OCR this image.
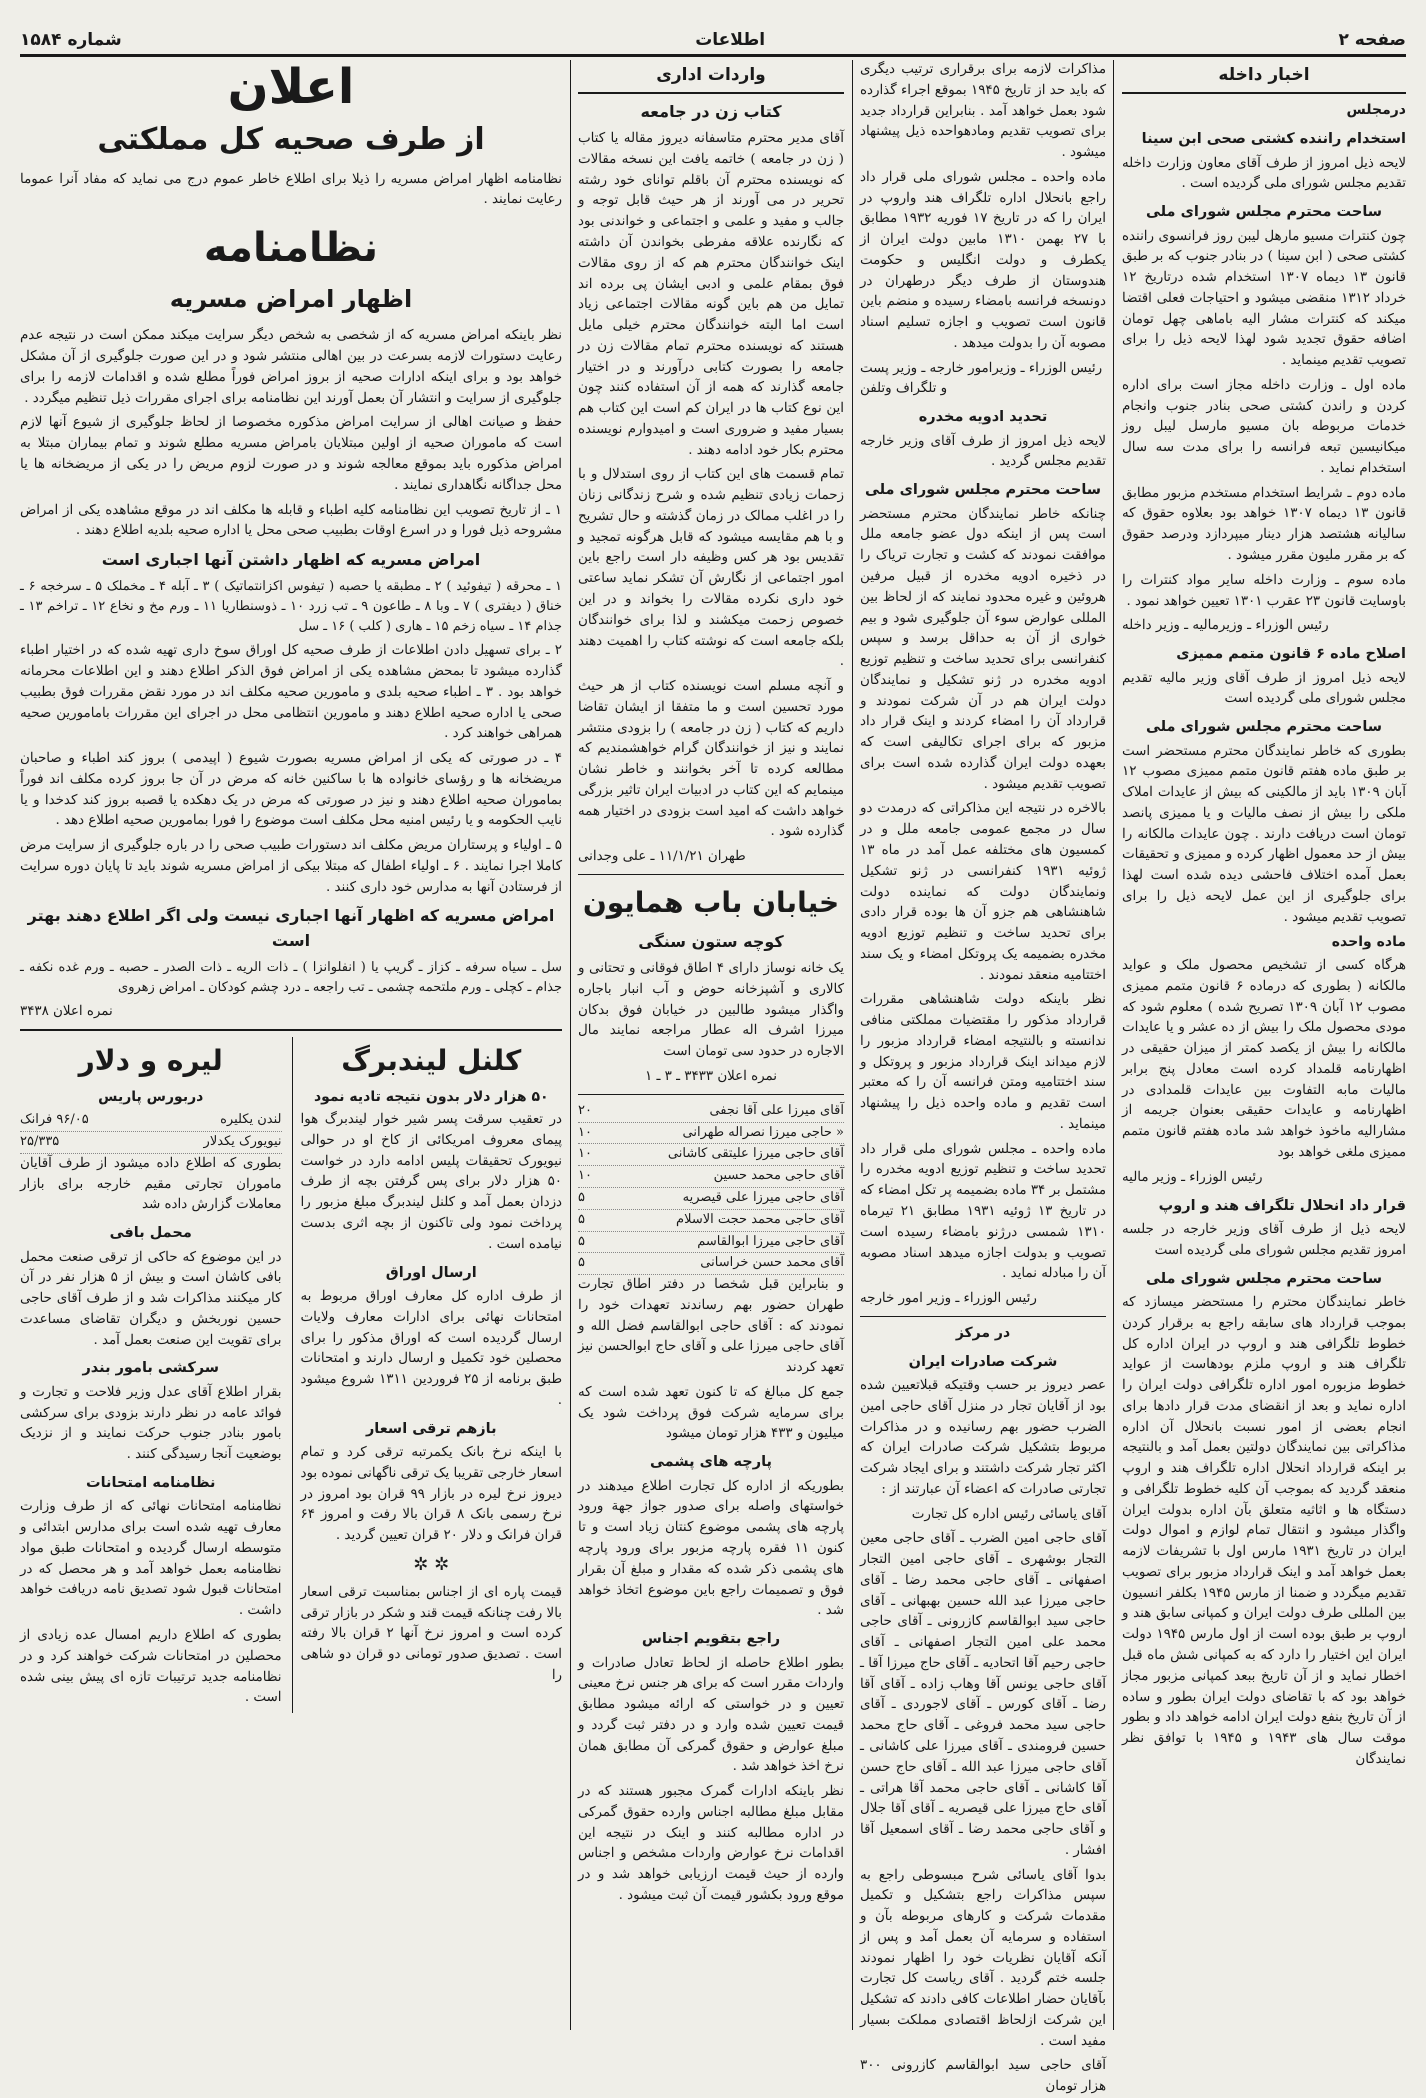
صفحه ۲
اطلاعات
شماره ۱۵۸۴
اخبار داخله
درمجلس
استخدام راننده کشتی صحی ابن سینا

لایحه ذیل امروز از طرف آقای معاون وزارت داخله تقدیم مجلس شورای ملی گردیده است .

ساحت محترم مجلس شورای ملی

چون کنترات مسیو مارهل لیبن روز فرانسوی راننده کشتی صحی ( ابن سینا ) در بنادر جنوب که بر طبق قانون ۱۳ دیماه ۱۳۰۷ استخدام شده درتاریخ ۱۲ خرداد ۱۳۱۲ منقضی میشود و احتیاجات فعلی اقتضا میکند که کنترات مشار الیه باماهی چهل تومان اضافه حقوق تجدید شود لهذا لایحه ذیل را برای تصویب تقدیم مینماید .

ماده اول ـ وزارت داخله مجاز است برای اداره کردن و راندن کشتی صحی بنادر جنوب وانجام خدمات مربوطه بان مسیو مارسل لیبل روز میکانیسین تبعه فرانسه را برای مدت سه سال استخدام نماید .

ماده دوم ـ شرایط استخدام مستخدم مزبور مطابق قانون ۱۳ دیماه ۱۳۰۷ خواهد بود بعلاوه حقوق که سالیانه هشتصد هزار دینار میپردازد ودرصد حقوق که بر مقرر ملیون مقرر میشود .

ماده سوم ـ وزارت داخله سایر مواد کنترات را باوسایت قانون ۲۳ عقرب ۱۳۰۱ تعیین خواهد نمود .

رئیس الوزراء ـ وزیرمالیه ـ وزیر داخله

اصلاح ماده ۶ قانون متمم ممیزی

لایحه ذیل امروز از طرف آقای وزیر مالیه تقدیم مجلس شورای ملی گردیده است

ساحت محترم مجلس شورای ملی

بطوری که خاطر نمایندگان محترم مستحضر است بر طبق ماده هفتم قانون متمم ممیزی مصوب ۱۲ آبان ۱۳۰۹ باید از مالکینی که بیش از عایدات املاک ملکی را بیش از نصف مالیات و یا ممیزی پانصد تومان است دریافت دارند . چون عایدات مالکانه را بیش از حد معمول اظهار کرده و ممیزی و تحقیقات بعمل آمده اختلاف فاحشی دیده شده است لهذا برای جلوگیری از این عمل لایحه ذیل را برای تصویب تقدیم میشود .

ماده واحده

هرگاه کسی از تشخیص محصول ملک و عواید مالکانه ( بطوری که درماده ۶ قانون متمم ممیزی مصوب ۱۲ آبان ۱۳۰۹ تصریح شده ) معلوم شود که مودی محصول ملک را بیش از ده عشر و یا عایدات مالکانه را بیش از یکصد کمتر از میزان حقیقی در اظهارنامه قلمداد کرده است معادل پنج برابر مالیات مابه التفاوت بین عایدات قلمدادی در اظهارنامه و عایدات حقیقی بعنوان جریمه از مشارالیه ماخوذ خواهد شد ماده هفتم قانون متمم ممیزی ملغی خواهد بود

رئیس الوزراء ـ وزیر مالیه

قرار داد انحلال تلگراف هند و اروپ

لایحه ذیل از طرف آقای وزیر خارجه در جلسه امروز تقدیم مجلس شورای ملی گردیده است

ساحت محترم مجلس شورای ملی

خاطر نمایندگان محترم را مستحضر میسازد که بموجب قرارداد های سابقه راجع به برقرار کردن خطوط تلگرافی هند و اروپ در ایران اداره کل تلگراف هند و اروپ ملزم بودهاست از عواید خطوط مزبوره امور اداره تلگرافی دولت ایران را اداره نماید و بعد از انقضای مدت قرار دادها برای انجام بعضی از امور نسبت بانحلال آن اداره مذاکراتی بین نمایندگان دولتین بعمل آمد و بالنتیجه بر اینکه قرارداد انحلال اداره تلگراف هند و اروپ منعقد گردید که بموجب آن کلیه خطوط تلگرافی و دستگاه ها و اثاثیه متعلق بآن اداره بدولت ایران واگذار میشود و انتقال تمام لوازم و اموال دولت ایران در تاریخ ۱۹۳۱ مارس اول با تشریفات لازمه بعمل خواهد آمد و اینک قرارداد مزبور برای تصویب تقدیم میگردد و ضمنا از مارس ۱۹۴۵ بکلفر انسیون بین المللی طرف دولت ایران و کمپانی سابق هند و اروپ بر طبق بوده است از اول مارس ۱۹۴۵ دولت ایران این اختیار را دارد که به کمپانی شش ماه قبل اخطار نماید و از آن تاریخ ببعد کمپانی مزبور مجاز خواهد بود که با تقاضای دولت ایران بطور و ساده از آن تاریخ بنفع دولت ایران ادامه خواهد داد و بطور موقت سال های ۱۹۴۳ و ۱۹۴۵ با توافق نظر نمایندگان

مذاکرات لازمه برای برقراری ترتیب دیگری که باید حد از تاریخ ۱۹۴۵ بموقع اجراء گذارده شود بعمل خواهد آمد . بنابراین قرارداد جدید برای تصویب تقدیم ومادهواحده ذیل پیشنهاد میشود .

ماده واحده ـ مجلس شورای ملی قرار داد راجع بانحلال اداره تلگراف هند واروپ در ایران را که در تاریخ ۱۷ فوریه ۱۹۳۲ مطابق با ۲۷ بهمن ۱۳۱۰ مابین دولت ایران از یکطرف و دولت انگلیس و حکومت هندوستان از طرف دیگر درطهران در دونسخه فرانسه بامضاء رسیده و منضم باین قانون است تصویب و اجازه تسلیم اسناد مصوبه آن را بدولت میدهد .

رئیس الوزراء ـ وزیرامور خارجه ـ وزیر پست و تلگراف وتلفن

تحدید ادویه مخدره

لایحه ذیل امروز از طرف آقای وزیر خارجه تقدیم مجلس گردید .

ساحت محترم مجلس شورای ملی

چنانکه خاطر نمایندگان محترم مستحضر است پس از اینکه دول عضو جامعه ملل موافقت نمودند که کشت و تجارت تریاک را در ذخیره ادویه مخدره از قبیل مرفین هروئین و غیره محدود نمایند که از لحاظ بین المللی عوارض سوء آن جلوگیری شود و بیم خواری از آن به حداقل برسد و سپس کنفرانسی برای تحدید ساخت و تنظیم توزیع ادویه مخدره در ژنو تشکیل و نمایندگان دولت ایران هم در آن شرکت نمودند و قرارداد آن را امضاء کردند و اینک قرار داد مزبور که برای اجرای تکالیفی است که بعهده دولت ایران گذارده شده است برای تصویب تقدیم میشود .

بالاخره در نتیجه این مذاکراتی که درمدت دو سال در مجمع عمومی جامعه ملل و در کمسیون های مختلفه عمل آمد در ماه ۱۳ ژوئیه ۱۹۳۱ کنفرانسی در ژنو تشکیل ونمایندگان دولت که نماینده دولت شاهنشاهی هم جزو آن ها بوده قرار دادی برای تحدید ساخت و تنظیم توزیع ادویه مخدره بضمیمه یک پروتکل امضاء و یک سند اختتامیه منعقد نمودند .

نظر باینکه دولت شاهنشاهی مقررات قرارداد مذکور را مقتضیات مملکتی منافی ندانسته و بالنتیجه امضاء قرارداد مزبور را لازم میداند اینک قرارداد مزبور و پروتکل و سند اختتامیه ومتن فرانسه آن را که معتبر است تقدیم و ماده واحده ذیل را پیشنهاد مینماید .

ماده واحده ـ مجلس شورای ملی قرار داد تحدید ساخت و تنظیم توزیع ادویه مخدره را مشتمل بر ۳۴ ماده بضمیمه پر تکل امضاء که در تاریخ ۱۳ ژوئیه ۱۹۳۱ مطابق ۲۱ تیرماه ۱۳۱۰ شمسی درژنو بامضاء رسیده است تصویب و بدولت اجازه میدهد اسناد مصوبه آن را مبادله نماید .

رئیس الوزراء ـ وزیر امور خارجه

در مرکز
شرکت صادرات ایران

عصر دیروز بر حسب وقتیکه قبلاتعیین شده بود از آقایان تجار در منزل آقای حاجی امین الضرب حضور بهم رسانیده و در مذاکرات مربوط بتشکیل شرکت صادرات ایران که اکثر تجار شرکت داشتند و برای ایجاد شرکت تجارتی صادرات که اعضاء آن عبارتند از :

آقای یاسائی رئیس اداره کل تجارت

آقای حاجی امین الضرب ـ آقای حاجی معین التجار بوشهری ـ آقای حاجی امین التجار اصفهانی ـ آقای حاجی محمد رضا ـ آقای حاجی میرزا عبد الله حسین بهبهانی ـ آقای حاجی سید ابوالقاسم کازرونی ـ آقای حاجی محمد علی امین التجار اصفهانی ـ آقای حاجی رحیم آقا اتحادیه ـ آقای حاج میرزا آقا ـ آقای حاجی یونس آقا وهاب زاده ـ آقای آقا رضا ـ آقای کورس ـ آقای لاجوردی ـ آقای حاجی سید محمد فروغی ـ آقای حاج محمد حسین فرومندی ـ آقای میرزا علی کاشانی ـ آقای حاجی میرزا عبد الله ـ آقای حاج حسن آقا کاشانی ـ آقای حاجی محمد آقا هراتی ـ آقای حاج میرزا علی قیصریه ـ آقای آقا جلال و آقای حاجی محمد رضا ـ آقای اسمعیل آقا افشار .

بدوا آقای یاسائی شرح مبسوطی راجع به سپس مذاکرات راجع بتشکیل و تکمیل مقدمات شرکت و کارهای مربوطه بآن و استفاده و سرمایه آن بعمل آمد و پس از آنکه آقایان نظریات خود را اظهار نمودند جلسه ختم گردید . آقای ریاست کل تجارت بآقایان حضار اطلاعات کافی دادند که تشکیل این شرکت ازلحاظ اقتصادی مملکت بسیار مفید است .

آقای حاجی سید ابوالقاسم کازرونی ۳۰۰ هزار تومان

واردات اداری
کتاب زن در جامعه

آقای مدیر محترم متاسفانه دیروز مقاله یا کتاب ( زن در جامعه ) خاتمه یافت این نسخه مقالات که نویسنده محترم آن باقلم توانای خود رشته تحریر در می آورند از هر حیث قابل توجه و جالب و مفید و علمی و اجتماعی و خواندنی بود که نگارنده علاقه مفرطی بخواندن آن داشته اینک خوانندگان محترم هم که از روی مقالات فوق بمقام علمی و ادبی ایشان پی برده اند تمایل من هم باین گونه مقالات اجتماعی زیاد است اما البته خوانندگان محترم خیلی مایل هستند که نویسنده محترم تمام مقالات زن در جامعه را بصورت کتابی درآورند و در اختیار جامعه گذارند که همه از آن استفاده کنند چون این نوع کتاب ها در ایران کم است این کتاب هم بسیار مفید و ضروری است و امیدوارم نویسنده محترم بکار خود ادامه دهند .

تمام قسمت های این کتاب از روی استدلال و با زحمات زیادی تنظیم شده و شرح زندگانی زنان را در اغلب ممالک در زمان گذشته و حال تشریح و با هم مقایسه میشود که قابل هرگونه تمجید و تقدیس بود هر کس وظیفه دار است راجع باین امور اجتماعی از نگارش آن تشکر نماید ساعتی خود داری نکرده مقالات را بخواند و در این خصوص زحمت میکشند و لذا برای خوانندگان بلکه جامعه است که نوشته کتاب را اهمیت دهند .

و آنچه مسلم است نویسنده کتاب از هر حیث مورد تحسین است و ما متفقا از ایشان تقاضا داریم که کتاب ( زن در جامعه ) را بزودی منتشر نمایند و نیز از خوانندگان گرام خواهشمندیم که مطالعه کرده تا آخر بخوانند و خاطر نشان مینمایم که این کتاب در ادبیات ایران تاثیر بزرگی خواهد داشت که امید است بزودی در اختیار همه گذارده شود .

طهران ۱۱/۱/۲۱ ـ علی وجدانی

خیابان باب همایون
کوچه ستون سنگی

یک خانه نوساز دارای ۴ اطاق فوقانی و تحتانی و کالاری و آشپزخانه حوض و آب انبار باجاره واگذار میشود طالبین در خیابان فوق بدکان میرزا اشرف اله عطار مراجعه نمایند مال الاجاره در حدود سی تومان است

نمره اعلان ۳۴۳۳ ـ ۳ ـ ۱

آقای میرزا علی آقا نجفی
۲۰
« حاجی میرزا نصراله طهرانی
۱۰
آقای حاجی میرزا علیتقی کاشانی
۱۰
آقای حاجی محمد حسین
۱۰
آقای حاجی میرزا علی قیصریه
۵
آقای حاجی محمد حجت الاسلام
۵
آقای حاجی میرزا ابوالقاسم
۵
آقای محمد حسن خراسانی
۵

و بنابراین قبل شخصا در دفتر اطاق تجارت طهران حضور بهم رساندند تعهدات خود را نمودند که : آقای حاجی ابوالقاسم فضل الله و آقای حاجی میرزا علی و آقای حاج ابوالحسن نیز تعهد کردند

جمع کل مبالغ که تا کنون تعهد شده است که برای سرمایه شرکت فوق پرداخت شود یک میلیون و ۴۳۳ هزار تومان میشود

پارچه های پشمی

بطوریکه از اداره کل تجارت اطلاع میدهند در خواستهای واصله برای صدور جواز جهة ورود پارچه های پشمی موضوع کنتان زیاد است و تا کنون ۱۱ فقره پارچه مزبور برای ورود پارچه های پشمی ذکر شده که مقدار و مبلغ آن بقرار فوق و تصمیمات راجع باین موضوع اتخاذ خواهد شد .

راجع بتقویم اجناس

بطور اطلاع حاصله از لحاظ تعادل صادرات و واردات مقرر است که برای هر جنس نرخ معینی تعیین و در خواستی که ارائه میشود مطابق قیمت تعیین شده وارد و در دفتر ثبت گردد و مبلغ عوارض و حقوق گمرکی آن مطابق همان نرخ اخذ خواهد شد .

نظر باینکه ادارات گمرک مجبور هستند که در مقابل مبلغ مطالبه اجناس وارده حقوق گمرکی در اداره مطالبه کنند و اینک در نتیجه این اقدامات نرخ عوارض واردات مشخص و اجناس وارده از حیث قیمت ارزیابی خواهد شد و در موقع ورود بکشور قیمت آن ثبت میشود .

اعلان
از طرف صحیه کل مملکتی

نظامنامه اظهار امراض مسریه را ذیلا برای اطلاع خاطر عموم درج می نماید که مفاد آنرا عموما رعایت نمایند .

نظامنامه
اظهار امراض مسریه

نظر باینکه امراض مسریه که از شخصی به شخص دیگر سرایت میکند ممکن است در نتیجه عدم رعایت دستورات لازمه بسرعت در بین اهالی منتشر شود و در این صورت جلوگیری از آن مشکل خواهد بود و برای اینکه ادارات صحیه از بروز امراض فوراً مطلع شده و اقدامات لازمه را برای جلوگیری از سرایت و انتشار آن بعمل آورند این نظامنامه برای اجرای مقررات ذیل تنظیم میگردد .

حفظ و صیانت اهالی از سرایت امراض مذکوره مخصوصا از لحاظ جلوگیری از شیوع آنها لازم است که ماموران صحیه از اولین مبتلایان بامراض مسریه مطلع شوند و تمام بیماران مبتلا به امراض مذکوره باید بموقع معالجه شوند و در صورت لزوم مریض را در یکی از مریضخانه ها یا محل جداگانه نگاهداری نمایند .

۱ ـ از تاریخ تصویب این نظامنامه کلیه اطباء و قابله ها مکلف اند در موقع مشاهده یکی از امراض مشروحه ذیل فورا و در اسرع اوقات بطبیب صحی محل یا اداره صحیه بلدیه اطلاع دهند .

امراض مسریه که اظهار داشتن آنها اجباری است

۱ ـ محرقه ( تیفوئید ) ۲ ـ مطبقه یا حصبه ( تیفوس اکزانتماتیک ) ۳ ـ آبله ۴ ـ مخملک ۵ ـ سرخجه ۶ ـ خناق ( دیفتری ) ۷ ـ وبا ۸ ـ طاعون ۹ ـ تب زرد ۱۰ ـ ذوسنطاریا ۱۱ ـ ورم مخ و نخاع ۱۲ ـ تراخم ۱۳ ـ جذام ۱۴ ـ سیاه زخم ۱۵ ـ هاری ( کلب ) ۱۶ ـ سل

۲ ـ برای تسهیل دادن اطلاعات از طرف صحیه کل اوراق سوخ داری تهیه شده که در اختیار اطباء گذارده میشود تا بمحض مشاهده یکی از امراض فوق الذکر اطلاع دهند و این اطلاعات محرمانه خواهد بود . ۳ ـ اطباء صحیه بلدی و مامورین صحیه مکلف اند در مورد نقض مقررات فوق بطبیب صحی یا اداره صحیه اطلاع دهند و مامورین انتظامی محل در اجرای این مقررات بامامورین صحیه همراهی خواهند کرد .

۴ ـ در صورتی که یکی از امراض مسریه بصورت شیوع ( اپیدمی ) بروز کند اطباء و صاحبان مریضخانه ها و رؤسای خانواده ها با ساکنین خانه که مرض در آن جا بروز کرده مکلف اند فوراً بماموران صحیه اطلاع دهند و نیز در صورتی که مرض در یک دهکده یا قصبه بروز کند کدخدا و یا نایب الحکومه و یا رئیس امنیه محل مکلف است موضوع را فورا بمامورین صحیه اطلاع دهد .

۵ ـ اولیاء و پرستاران مریض مکلف اند دستورات طبیب صحی را در باره جلوگیری از سرایت مرض کاملا اجرا نمایند . ۶ ـ اولیاء اطفال که مبتلا بیکی از امراض مسریه شوند باید تا پایان دوره سرایت از فرستادن آنها به مدارس خود داری کنند .

امراض مسریه که اظهار آنها اجباری نیست ولی اگر اطلاع دهند بهتر است

سل ـ سیاه سرفه ـ کزاز ـ گریپ یا ( انفلوانزا ) ـ ذات الریه ـ ذات الصدر ـ حصبه ـ ورم غده نکفه ـ جذام ـ کچلی ـ ورم ملتحمه چشمی ـ تب راجعه ـ درد چشم کودکان ـ امراض زهروی

نمره اعلان ۳۴۳۸

کلنل لیندبرگ
۵۰ هزار دلار بدون نتیجه تادیه نمود

در تعقیب سرقت پسر شیر خوار لیندبرگ هوا پیمای معروف امریکائی از کاخ او در حوالی نیویورک تحقیقات پلیس ادامه دارد در خواست ۵۰ هزار دلار برای پس گرفتن بچه از طرف دزدان بعمل آمد و کلنل لیندبرگ مبلغ مزبور را پرداخت نمود ولی تاکنون از بچه اثری بدست نیامده است .

ارسال اوراق

از طرف اداره کل معارف اوراق مربوط به امتحانات نهائی برای ادارات معارف ولایات ارسال گردیده است که اوراق مذکور را برای محصلین خود تکمیل و ارسال دارند و امتحانات طبق برنامه از ۲۵ فروردین ۱۳۱۱ شروع میشود .

بازهم ترقی اسعار

با اینکه نرخ بانک یکمرتبه ترقی کرد و تمام اسعار خارجی تقریبا یک ترقی ناگهانی نموده بود دیروز نرخ لیره در بازار ۹۹ قران بود امروز در نرخ رسمی بانک ۸ قران بالا رفت و امروز ۶۴ قران فرانک و دلار ۲۰ قران تعیین گردید .

✲ ✲

قیمت پاره ای از اجناس بمناسبت ترقی اسعار بالا رفت چنانکه قیمت قند و شکر در بازار ترقی کرده است و امروز نرخ آنها ۲ قران بالا رفته است . تصدیق صدور تومانی دو قران دو شاهی را

لیره و دلار
دربورس پاریس
لندن یکلیره
۹۶/۰۵ فرانک
نیویورک یکدلار
۲۵/۳۳۵

بطوری که اطلاع داده میشود از طرف آقایان ماموران تجارتی مقیم خارجه برای بازار معاملات گزارش داده شد

محمل بافی

در این موضوع که حاکی از ترقی صنعت محمل بافی کاشان است و بیش از ۵ هزار نفر در آن کار میکنند مذاکرات شد و از طرف آقای حاجی حسین نوربخش و دیگران تقاضای مساعدت برای تقویت این صنعت بعمل آمد .

سرکشی بامور بندر

بقرار اطلاع آقای عدل وزیر فلاحت و تجارت و فوائد عامه در نظر دارند بزودی برای سرکشی بامور بنادر جنوب حرکت نمایند و از نزدیک بوضعیت آنجا رسیدگی کنند .

نظامنامه امتحانات

نظامنامه امتحانات نهائی که از طرف وزارت معارف تهیه شده است برای مدارس ابتدائی و متوسطه ارسال گردیده و امتحانات طبق مواد نظامنامه بعمل خواهد آمد و هر محصل که در امتحانات قبول شود تصدیق نامه دریافت خواهد داشت .

بطوری که اطلاع داریم امسال عده زیادی از محصلین در امتحانات شرکت خواهند کرد و در نظامنامه جدید ترتیبات تازه ای پیش بینی شده است .
